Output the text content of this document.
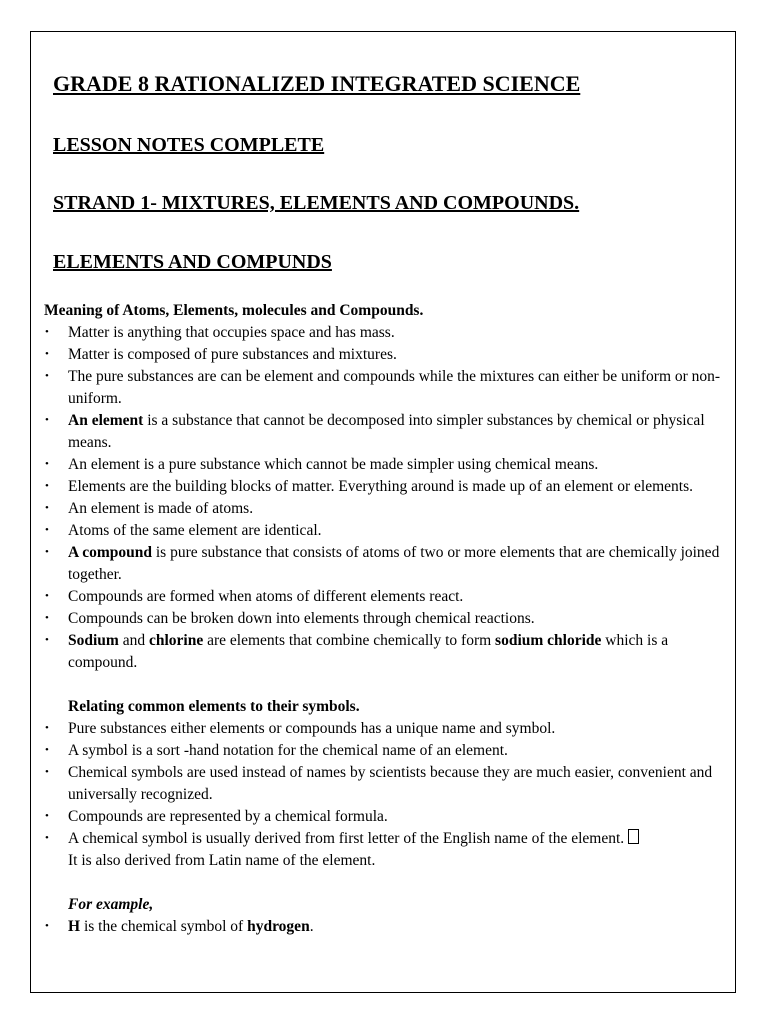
GRADE 8 RATIONALIZED INTEGRATED SCIENCE
LESSON NOTES COMPLETE
STRAND 1- MIXTURES, ELEMENTS AND COMPOUNDS.
ELEMENTS AND COMPUNDS

Meaning of Atoms, Elements, molecules and Compounds.

• Matter is anything that occupies space and has mass.
• Matter is composed of pure substances and mixtures.
• The pure substances are can be element and compounds while the mixtures can either be uniform or non-uniform.
• An element is a substance that cannot be decomposed into simpler substances by chemical or physical means.
• An element is a pure substance which cannot be made simpler using chemical means.
• Elements are the building blocks of matter. Everything around is made up of an element or elements.
• An element is made of atoms.
• Atoms of the same element are identical.
• A compound is pure substance that consists of atoms of two or more elements that are chemically joined together.
• Compounds are formed when atoms of different elements react.
• Compounds can be broken down into elements through chemical reactions.
• Sodium and chlorine are elements that combine chemically to form sodium chloride which is a compound.

Relating common elements to their symbols.

• Pure substances either elements or compounds has a unique name and symbol.
• A symbol is a sort -hand notation for the chemical name of an element.
• Chemical symbols are used instead of names by scientists because they are much easier, convenient and universally recognized.
• Compounds are represented by a chemical formula.
• A chemical symbol is usually derived from first letter of the English name of the element.
It is also derived from Latin name of the element.

For example,

• H is the chemical symbol of hydrogen.
